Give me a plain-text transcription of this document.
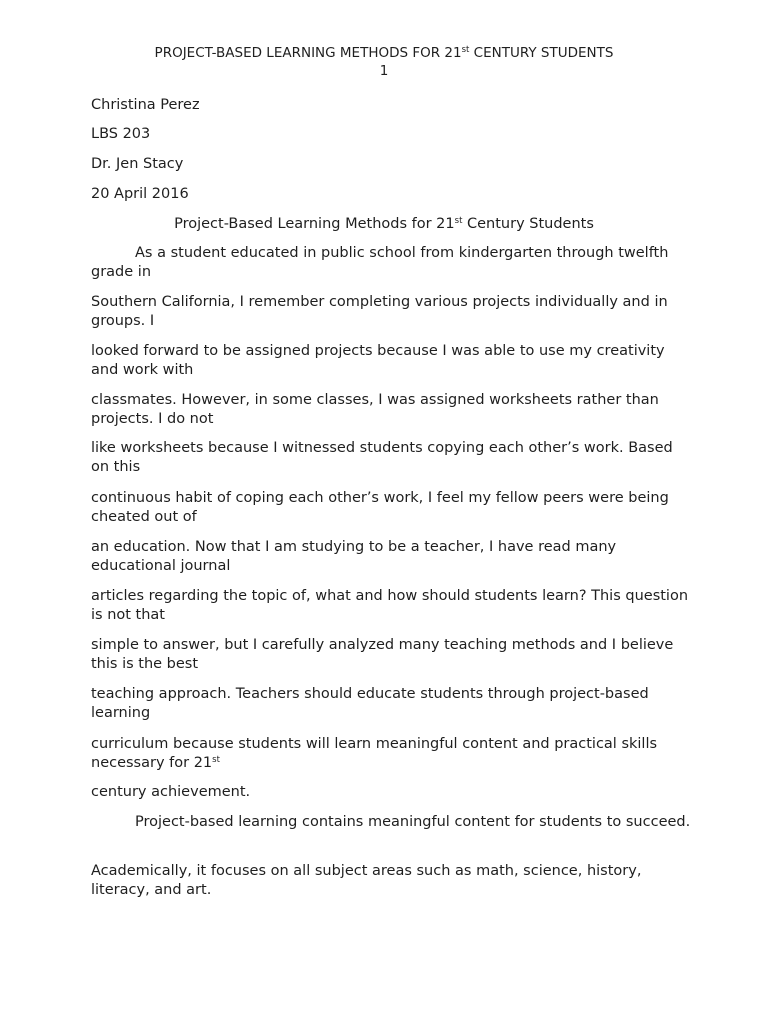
PROJECT-BASED LEARNING METHODS FOR 21st CENTURY STUDENTS
1
Christina Perez
LBS 203
Dr. Jen Stacy
20 April 2016
Project-Based Learning Methods for 21st Century Students

As a student educated in public school from kindergarten through twelfth grade in

Southern California, I remember completing various projects individually and in groups. I

looked forward to be assigned projects because I was able to use my creativity and work with

classmates. However, in some classes, I was assigned worksheets rather than projects. I do not

like worksheets because I witnessed students copying each other’s work. Based on this

continuous habit of coping each other’s work, I feel my fellow peers were being cheated out of

an education. Now that I am studying to be a teacher, I have read many educational journal

articles regarding the topic of, what and how should students learn? This question is not that

simple to answer, but I carefully analyzed many teaching methods and I believe this is the best

teaching approach. Teachers should educate students through project-based learning

curriculum because students will learn meaningful content and practical skills necessary for 21st

century achievement.

Project-based learning contains meaningful content for students to succeed.

Academically, it focuses on all subject areas such as math, science, history, literacy, and art.
